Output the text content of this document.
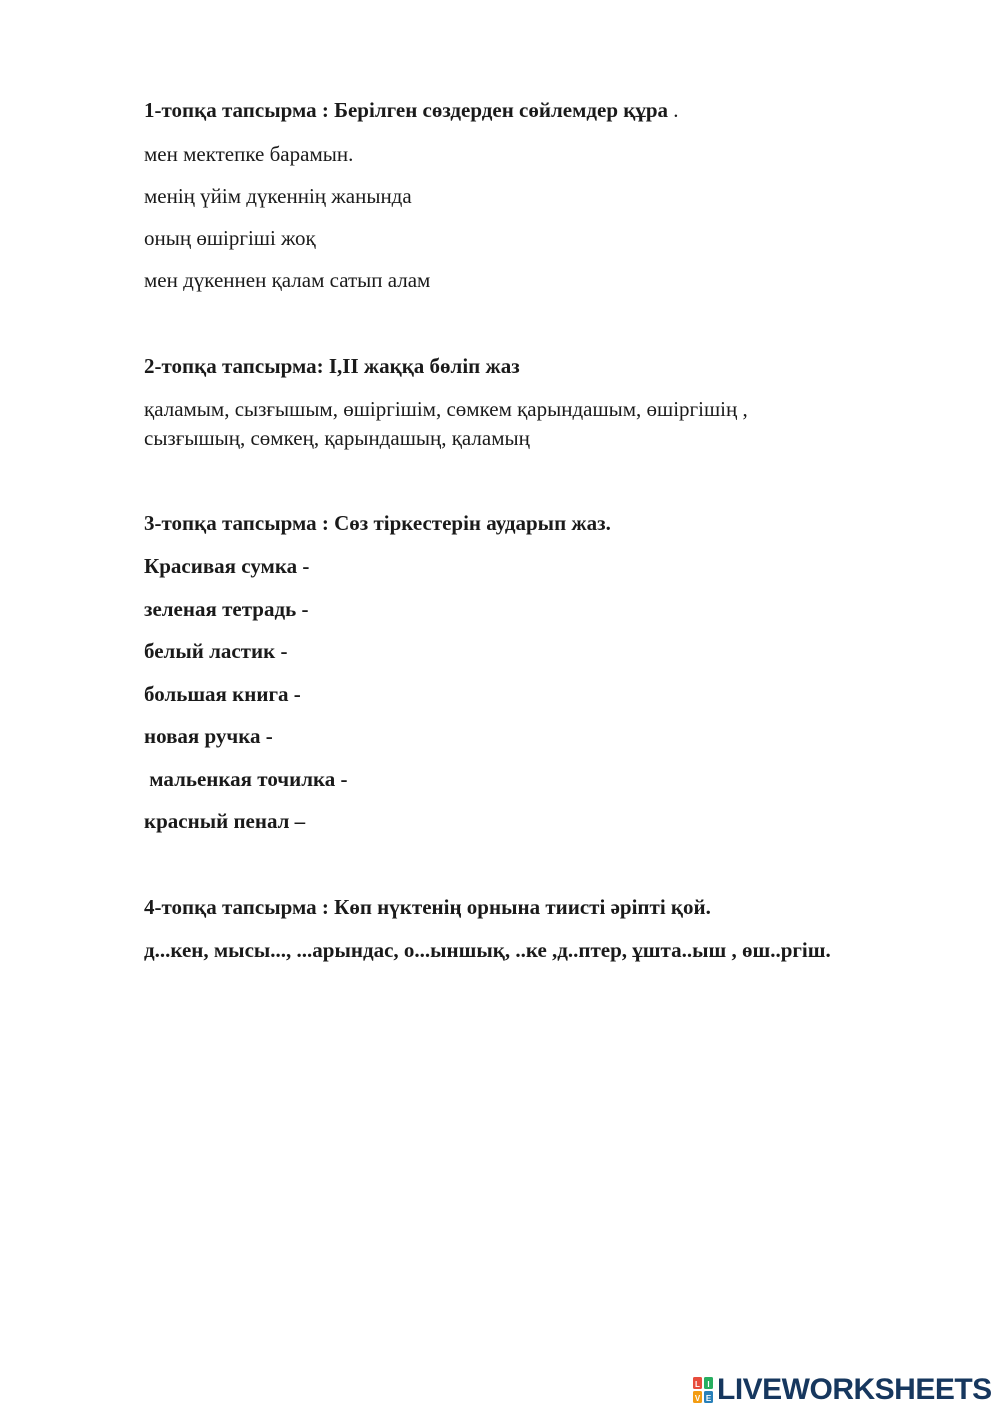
1-топқа тапсырма : Берілген сөздерден сөйлемдер құра .
мен мектепке барамын.
менің үйім дүкеннің жанында
оның өшіргіші жоқ
мен дүкеннен қалам сатып алам
2-топқа тапсырма: I,II жаққа бөліп жаз
қаламым, сызғышым, өшіргішім, сөмкем қарындашым, өшіргішің ,
сызғышың, сөмкең, қарындашың, қаламың
3-топқа тапсырма : Сөз тіркестерін аударып жаз.
Красивая сумка -
зеленая тетрадь -
белый ластик -
большая книга -
новая ручка -
мальенкая точилка -
красный пенал –
4-топқа тапсырма : Көп нүктенің орнына тиисті әріпті қой.
д...кен, мысы..., ...арындас, о...ыншық, ..ке ,д..птер, ұшта..ыш , өш..ргіш.
L I
V E LIVEWORKSHEETS
